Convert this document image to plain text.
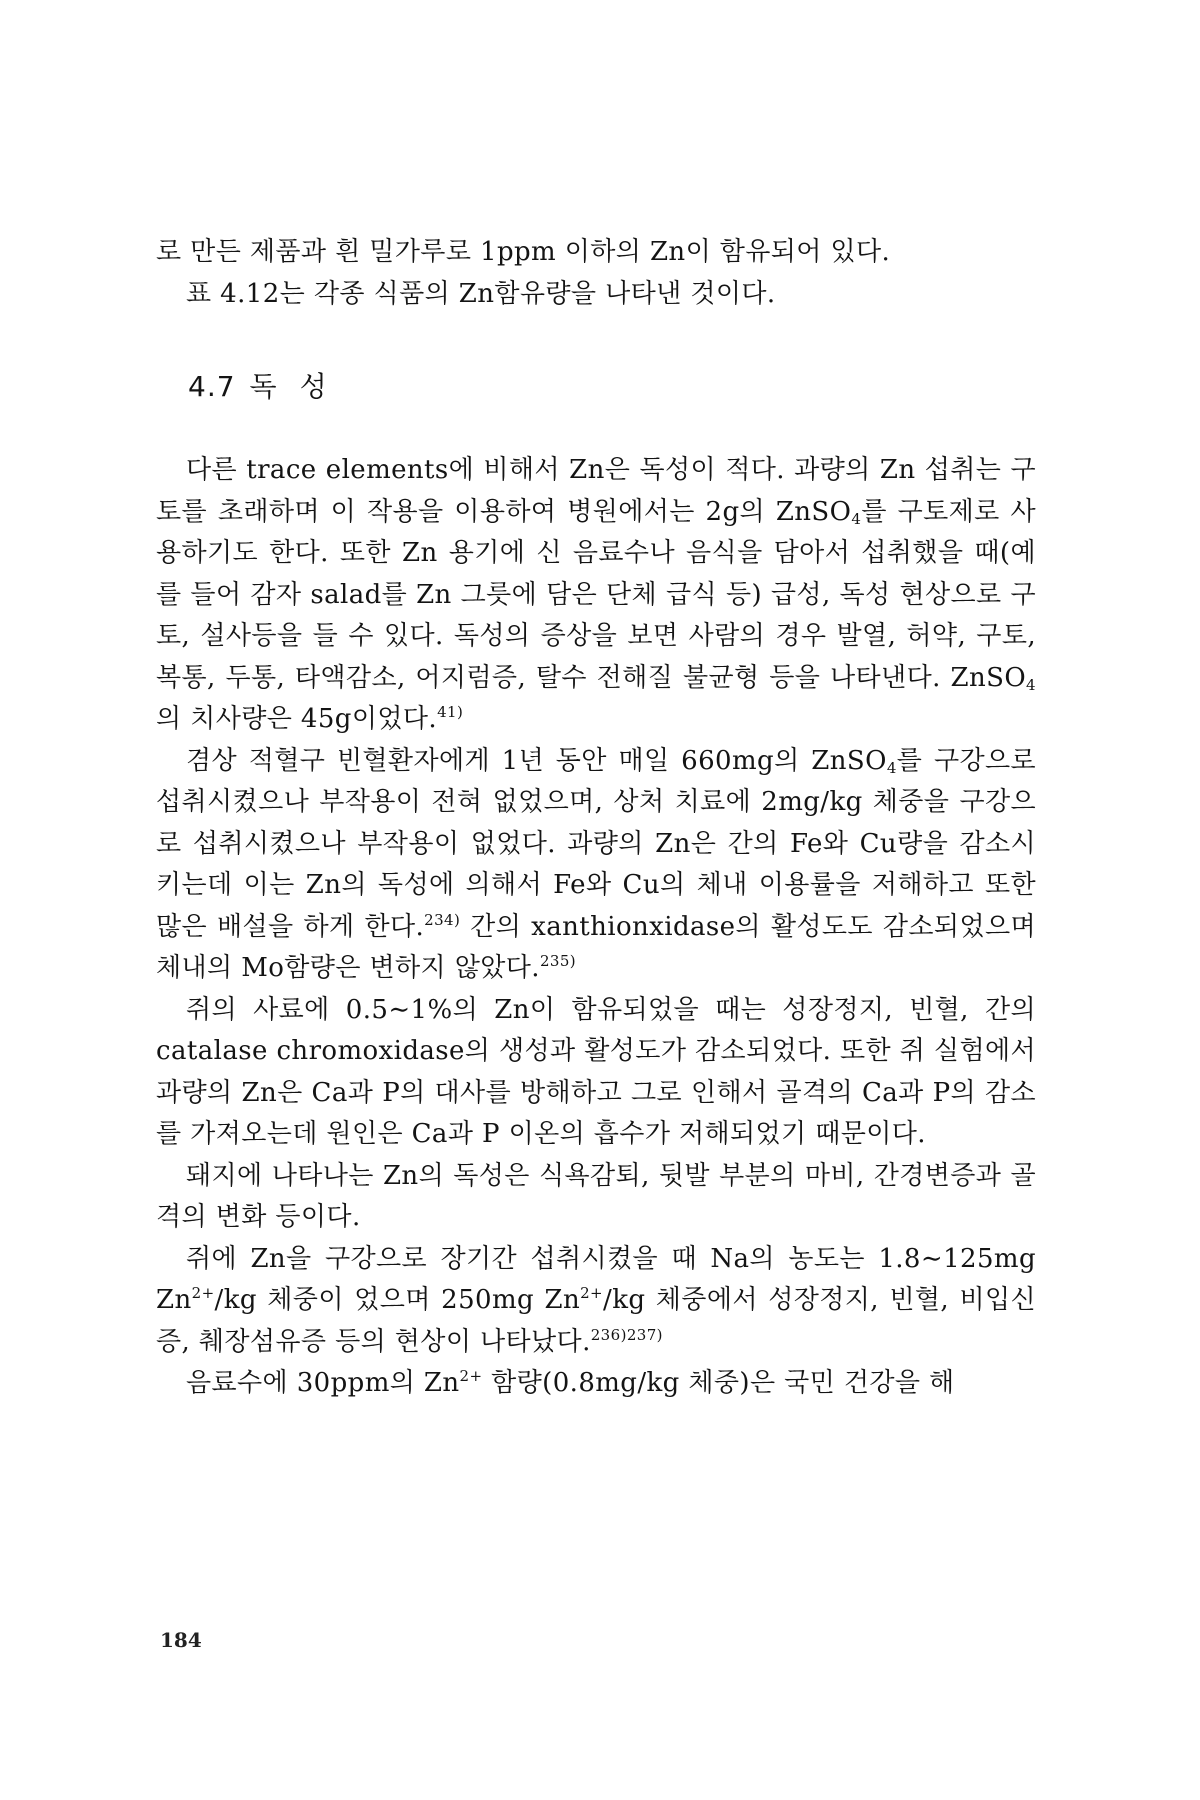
로 만든 제품과 흰 밀가루로 1ppm 이하의 Zn이 함유되어 있다.

표 4.12는 각종 식품의 Zn함유량을 나타낸 것이다.

4.7 독 성

다른 trace elements에 비해서 Zn은 독성이 적다. 과량의 Zn 섭취는 구토를 초래하며 이 작용을 이용하여 병원에서는 2g의 ZnSO$_4$를 구토제로 사용하기도 한다. 또한 Zn 용기에 신 음료수나 음식을 담아서 섭취했을 때(예를 들어 감자 salad를 Zn 그릇에 담은 단체 급식 등) 급성, 독성 현상으로 구토, 설사등을 들 수 있다. 독성의 증상을 보면 사람의 경우 발열, 허약, 구토, 복통, 두통, 타액감소, 어지럼증, 탈수 전해질 불균형 등을 나타낸다. ZnSO$_4$의 치사량은 45g이었다.$^{41)}$

겸상 적혈구 빈혈환자에게 1년 동안 매일 660mg의 ZnSO$_4$를 구강으로 섭취시켰으나 부작용이 전혀 없었으며, 상처 치료에 2mg/kg 체중을 구강으로 섭취시켰으나 부작용이 없었다. 과량의 Zn은 간의 Fe와 Cu량을 감소시키는데 이는 Zn의 독성에 의해서 Fe와 Cu의 체내 이용률을 저해하고 또한 많은 배설을 하게 한다.$^{234)}$ 간의 xanthionxidase의 활성도도 감소되었으며 체내의 Mo함량은 변하지 않았다.$^{235)}$

쥐의 사료에 0.5∼1%의 Zn이 함유되었을 때는 성장정지, 빈혈, 간의 catalase chromoxidase의 생성과 활성도가 감소되었다. 또한 쥐 실험에서 과량의 Zn은 Ca과 P의 대사를 방해하고 그로 인해서 골격의 Ca과 P의 감소를 가져오는데 원인은 Ca과 P 이온의 흡수가 저해되었기 때문이다.

돼지에 나타나는 Zn의 독성은 식욕감퇴, 뒷발 부분의 마비, 간경변증과 골격의 변화 등이다.

쥐에 Zn을 구강으로 장기간 섭취시켰을 때 Na의 농도는 1.8∼125mg $Zn^{2+}/kg$ 체중이 었으며 250mg $Zn^{2+}/kg$ 체중에서 성장정지, 빈혈, 비입신증, 췌장섬유증 등의 현상이 나타났다.$^{236)237)}$

음료수에 30ppm의 $Zn^{2+}$ 함량(0.8mg/kg 체중)은 국민 건강을 해

184
